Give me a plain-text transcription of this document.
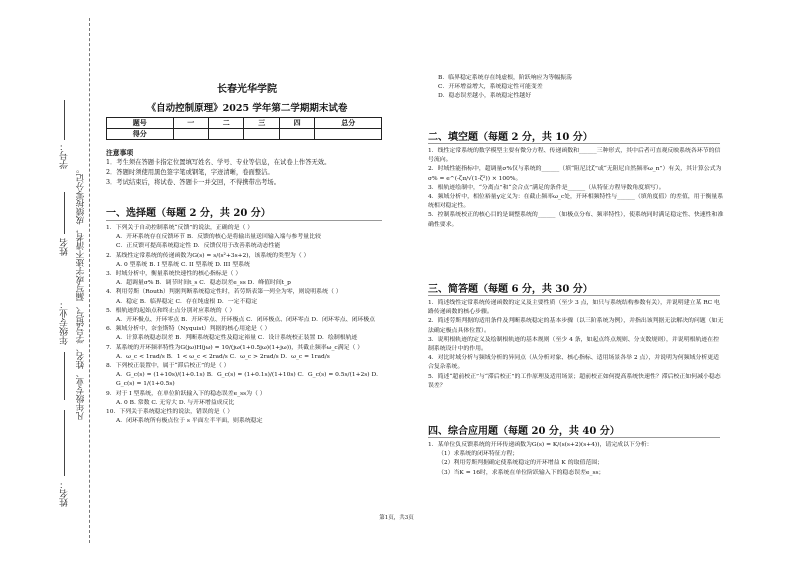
学号：
姓名
年级专业：
姓名：
凡年级专业、姓名、学号错写、漏写或字迹不清者，成绩按零分记。
长春光华学院
《自动控制原理》2025 学年第二学期期末试卷
题号	一	二	三	四	总分
得分					
注意事项

1．考生须在答题卡指定位置填写姓名、学号、专业等信息，在试卷上作答无效。

2．答题时须使用黑色签字笔或钢笔，字迹清晰，卷面整洁。

3．考试结束后，将试卷、答题卡一并交回，不得携带出考场。

一、选择题（每题 2 分，共 20 分）

1．下列关于自动控制系统“反馈”的说法，正确的是（ ）

A．开环系统存在反馈环节 B．反馈的核心是将输出量送回输入端与参考量比较

C．正反馈可提高系统稳定性 D．反馈仅用于改善系统动态性能

2．某线性定常系统的传递函数为G(s) = s/(s²+3s+2)，该系统的类型为（ ）

A. 0 型系统 B. I 型系统 C. II 型系统 D. III 型系统

3．时域分析中，衡量系统快速性的核心指标是（ ）

A．超调量σ% B．调节时间t_s C．稳态误差e_ss D．峰值时间t_p

4．利用劳斯（Routh）判据判断系统稳定性时，若劳斯表第一列全为零，则说明系统（ ）

A．稳定 B．临界稳定 C．存在纯虚根 D．一定不稳定

5．根轨迹的起始点和终止点分别对应系统的（ ）

A．开环极点、开环零点 B．开环零点、开环极点 C．闭环极点、闭环零点 D．闭环零点、闭环极点

6．频域分析中，奈奎斯特（Nyquist）判据的核心用途是（ ）

A．计算系统稳态误差 B．判断系统稳定性及稳定裕量 C．设计系统校正装置 D．绘制根轨迹

7．某系统的开环频率特性为G(jω)H(jω) = 10/(jω(1+0.5jω)(1+jω))，其截止频率ω_c满足（ ）

A．ω_c < 1rad/s B．1 < ω_c < 2rad/s C．ω_c > 2rad/s D．ω_c = 1rad/s

8．下列校正装置中，属于“滞后校正”的是（ ）

A．G_c(s) = (1+10s)/(1+0.1s) B．G_c(s) = (1+0.1s)/(1+10s) C．G_c(s) = 0.5s/(1+2s) D．G_c(s) = 1/(1+0.5s)

9．对于 I 型系统，在单位阶跃输入下的稳态误差e_ss为（ ）

A. 0 B. 常数 C. 无穷大 D. 与开环增益成反比

10．下列关于系统稳定性的说法，错误的是（ ）

A．闭环系统所有极点位于 s 平面左半平面，则系统稳定

B．临界稳定系统存在纯虚根，阶跃响应为等幅振荡

C．开环增益增大，系统稳定性可能变差

D．稳态误差越小，系统稳定性越好

二、填空题（每题 2 分，共 10 分）

1．线性定常系统的数学模型主要有微分方程、传递函数和______三种形式，其中后者可直观反映系统各环节的信号流向。

2．时域性能指标中，超调量σ%仅与系统的______（填“阻尼比ζ”或“无阻尼自然频率ω_n”）有关，其计算公式为σ% = e^(-ζπ/√(1-ζ²)) × 100%。

3．根轨迹绘制中，“分离点”和“会合点”满足的条件是______（从特征方程导数角度填写）。

4．频域分析中，相位裕量γ定义为：在截止频率ω_c处，开环相频特性与______（填角度值）的差值，用于衡量系统相对稳定性。

5．控制系统校正的核心目的是调整系统的______（如极点分布、频率特性），使系统同时满足稳定性、快速性和准确性要求。

三、简答题（每题 6 分，共 30 分）

1．简述线性定常系统传递函数的定义及主要性质（至少 3 点，如只与系统结构参数有关），并说明建立某 RC 电路传递函数的核心步骤。

2．简述劳斯判据的适用条件及判断系统稳定的基本步骤（以三阶系统为例），并指出该判据无法解决的问题（如无法确定极点具体位置）。

3．说明根轨迹的定义及绘制根轨迹的基本规则（至少 4 条，如起点终点规则、分支数规则），并说明根轨迹在控制系统设计中的作用。

4．对比时域分析与频域分析的异同点（从分析对象、核心指标、适用场景各举 2 点），并说明为何频域分析更适合复杂系统。

5．简述“超前校正”与“滞后校正”的工作原理及适用场景；超前校正如何提高系统快速性？滞后校正如何减小稳态误差？

四、综合应用题（每题 20 分，共 40 分）

1．某单位负反馈系统的开环传递函数为G(s) = K/(s(s+2)(s+4))，请完成以下分析：

（1）求系统的闭环特征方程；

（2）利用劳斯判据确定使系统稳定的开环增益 K 的取值范围；

（3）当K = 16时，求系统在单位阶跃输入下的稳态误差e_ss；

第1页，共3页
